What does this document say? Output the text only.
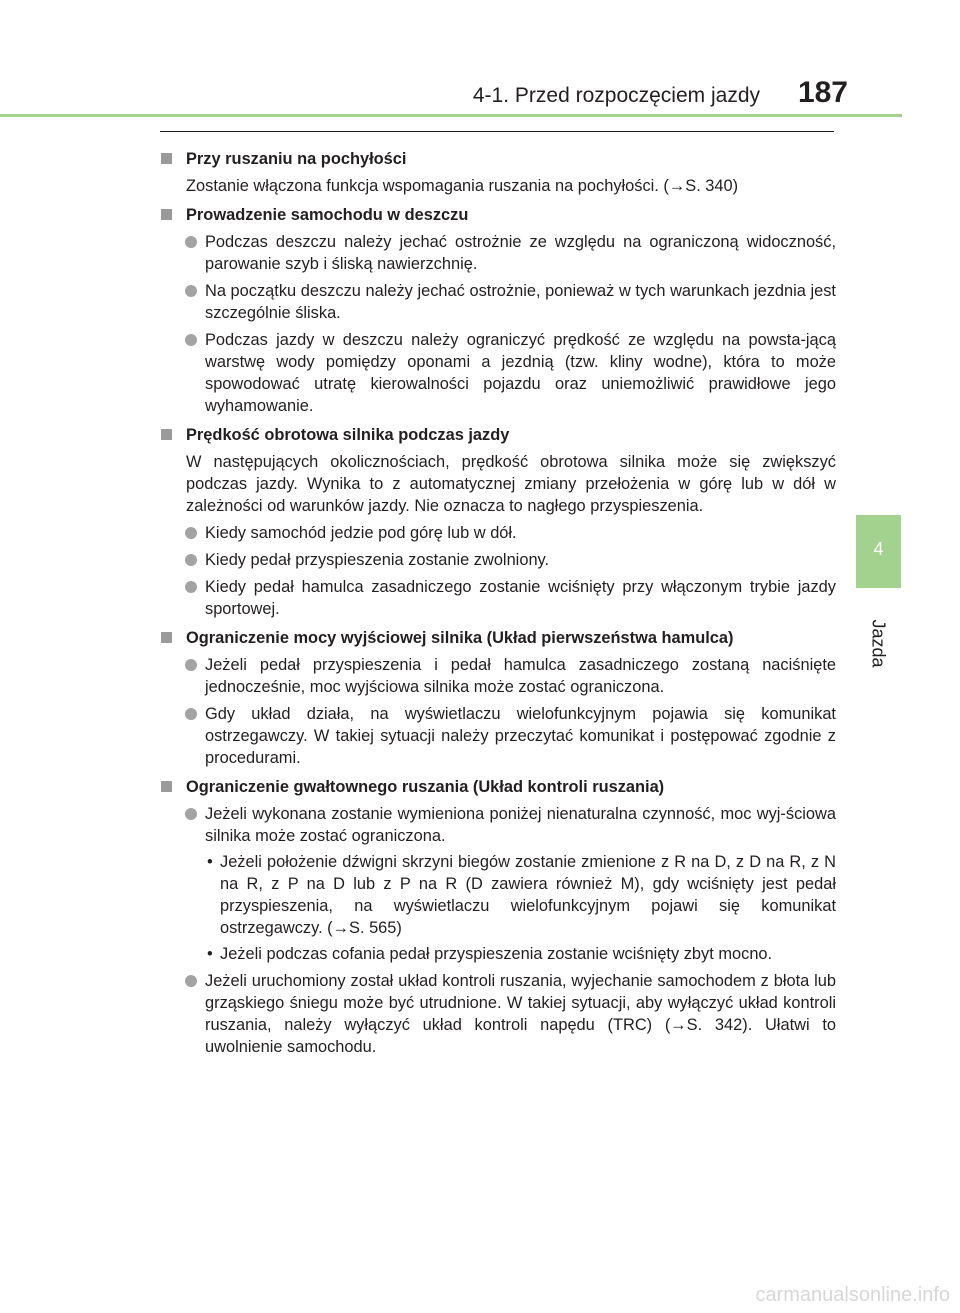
4-1. Przed rozpoczęciem jazdy 187
4
Jazda
Przy ruszaniu na pochyłości
Zostanie włączona funkcja wspomagania ruszania na pochyłości. (→S. 340)
Prowadzenie samochodu w deszczu
Podczas deszczu należy jechać ostrożnie ze względu na ograniczoną widoczność, parowanie szyb i śliską nawierzchnię.
Na początku deszczu należy jechać ostrożnie, ponieważ w tych warunkach jezdnia jest szczególnie śliska.
Podczas jazdy w deszczu należy ograniczyć prędkość ze względu na powsta-jącą warstwę wody pomiędzy oponami a jezdnią (tzw. kliny wodne), która to może spowodować utratę kierowalności pojazdu oraz uniemożliwić prawidłowe jego wyhamowanie.
Prędkość obrotowa silnika podczas jazdy
W następujących okolicznościach, prędkość obrotowa silnika może się zwiększyć podczas jazdy. Wynika to z automatycznej zmiany przełożenia w górę lub w dół w zależności od warunków jazdy. Nie oznacza to nagłego przyspieszenia.
Kiedy samochód jedzie pod górę lub w dół.
Kiedy pedał przyspieszenia zostanie zwolniony.
Kiedy pedał hamulca zasadniczego zostanie wciśnięty przy włączonym trybie jazdy sportowej.
Ograniczenie mocy wyjściowej silnika (Układ pierwszeństwa hamulca)
Jeżeli pedał przyspieszenia i pedał hamulca zasadniczego zostaną naciśnięte jednocześnie, moc wyjściowa silnika może zostać ograniczona.
Gdy układ działa, na wyświetlaczu wielofunkcyjnym pojawia się komunikat ostrzegawczy. W takiej sytuacji należy przeczytać komunikat i postępować zgodnie z procedurami.
Ograniczenie gwałtownego ruszania (Układ kontroli ruszania)
Jeżeli wykonana zostanie wymieniona poniżej nienaturalna czynność, moc wyj-ściowa silnika może zostać ograniczona.
• Jeżeli położenie dźwigni skrzyni biegów zostanie zmienione z R na D, z D na R, z N na R, z P na D lub z P na R (D zawiera również M), gdy wciśnięty jest pedał przyspieszenia, na wyświetlaczu wielofunkcyjnym pojawi się komunikat ostrzegawczy. (→S. 565)
• Jeżeli podczas cofania pedał przyspieszenia zostanie wciśnięty zbyt mocno.
Jeżeli uruchomiony został układ kontroli ruszania, wyjechanie samochodem z błota lub grząskiego śniegu może być utrudnione. W takiej sytuacji, aby wyłączyć układ kontroli ruszania, należy wyłączyć układ kontroli napędu (TRC) (→S. 342). Ułatwi to uwolnienie samochodu.
carmanualsonline.info
